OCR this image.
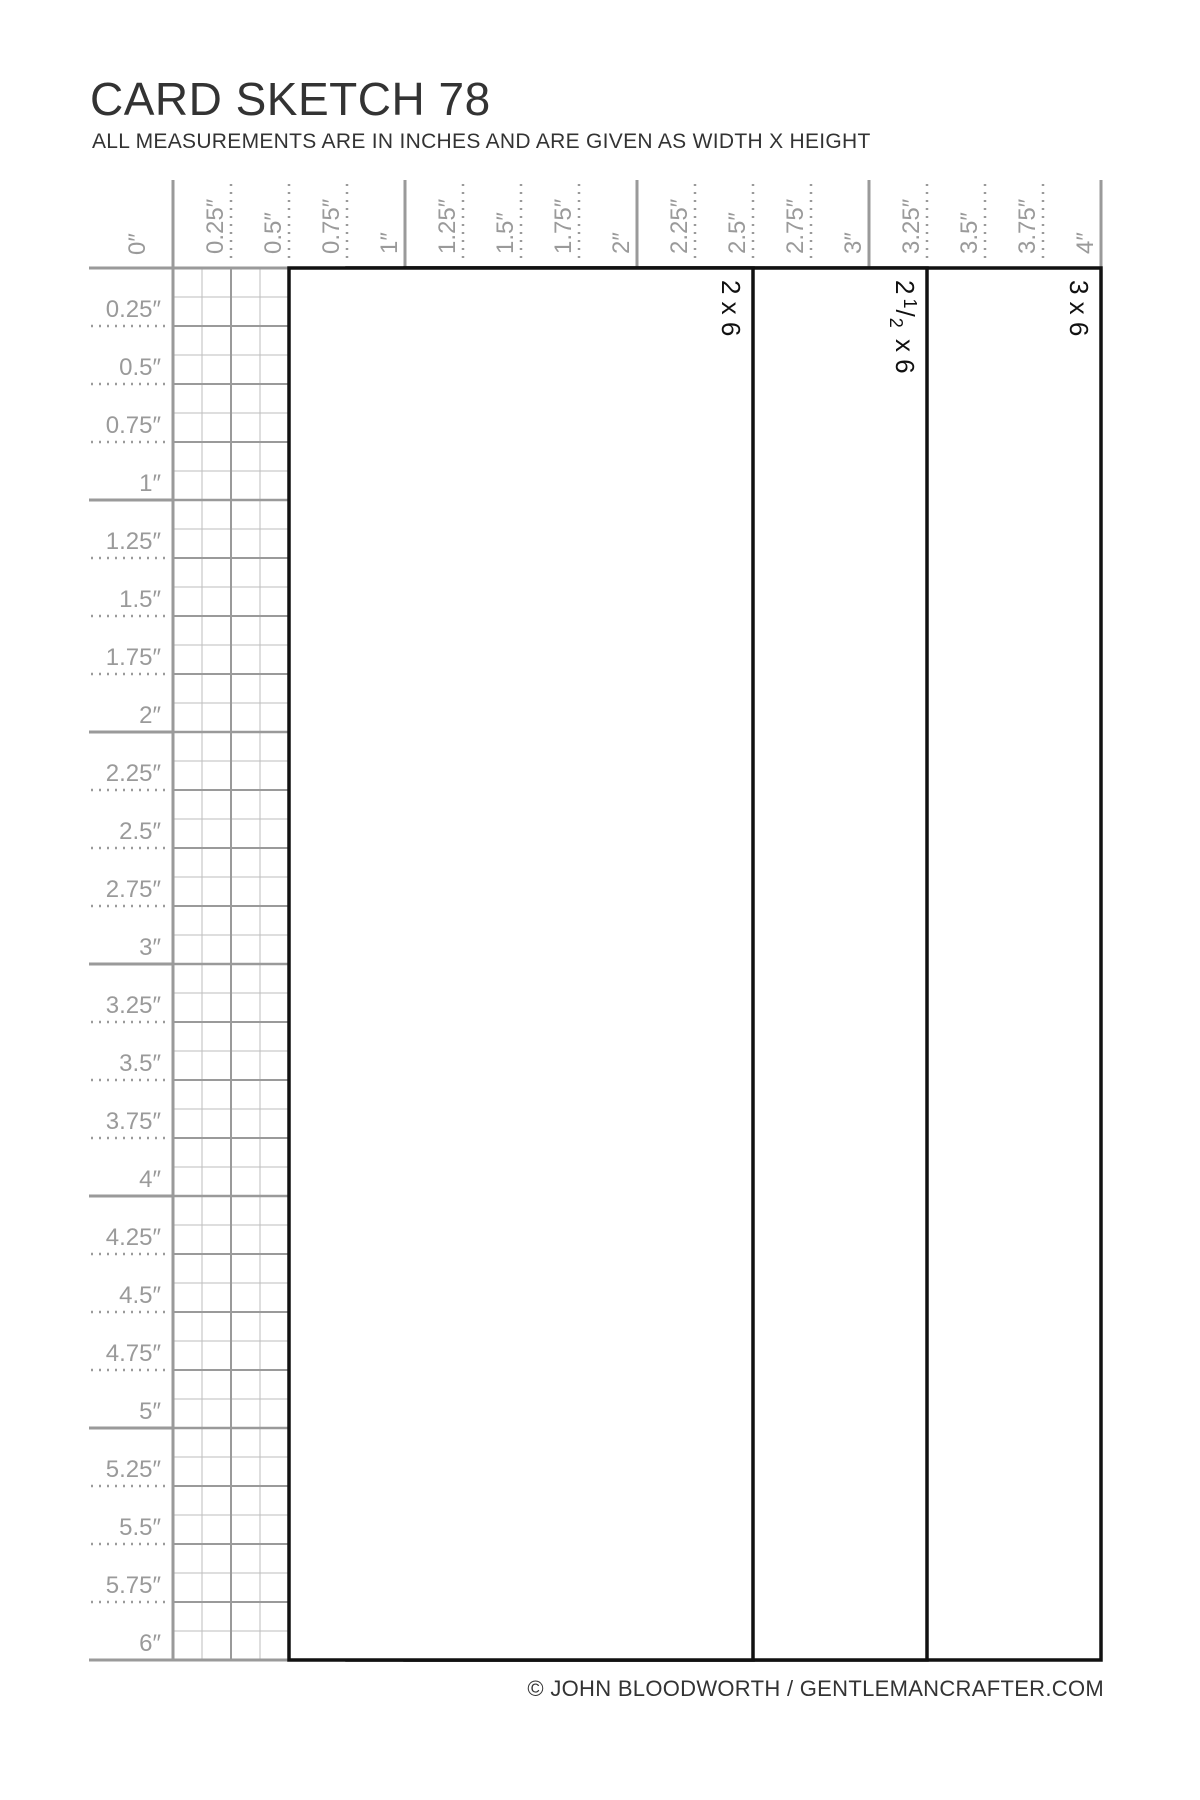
CARD SKETCH 78
ALL MEASUREMENTS ARE IN INCHES AND ARE GIVEN AS WIDTH X HEIGHT
0″ 0.25″ 0.5″ 0.75″ 1″ 1.25″ 1.5″ 1.75″ 2″ 2.25″ 2.5″ 2.75″ 3″ 3.25″ 3.5″ 3.75″ 4″
0.25″
0.5″
0.75″
1″
1.25″
1.5″
1.75″
2″
2.25″
2.5″
2.75″
3″
3.25″
3.5″
3.75″
4″
4.25″
4.5″
4.75″
5″
5.25″
5.5″
5.75″
6″
3 x 6
$2^1/_2$ x 6
2 x 6
© JOHN BLOODWORTH / GENTLEMANCRAFTER.COM
